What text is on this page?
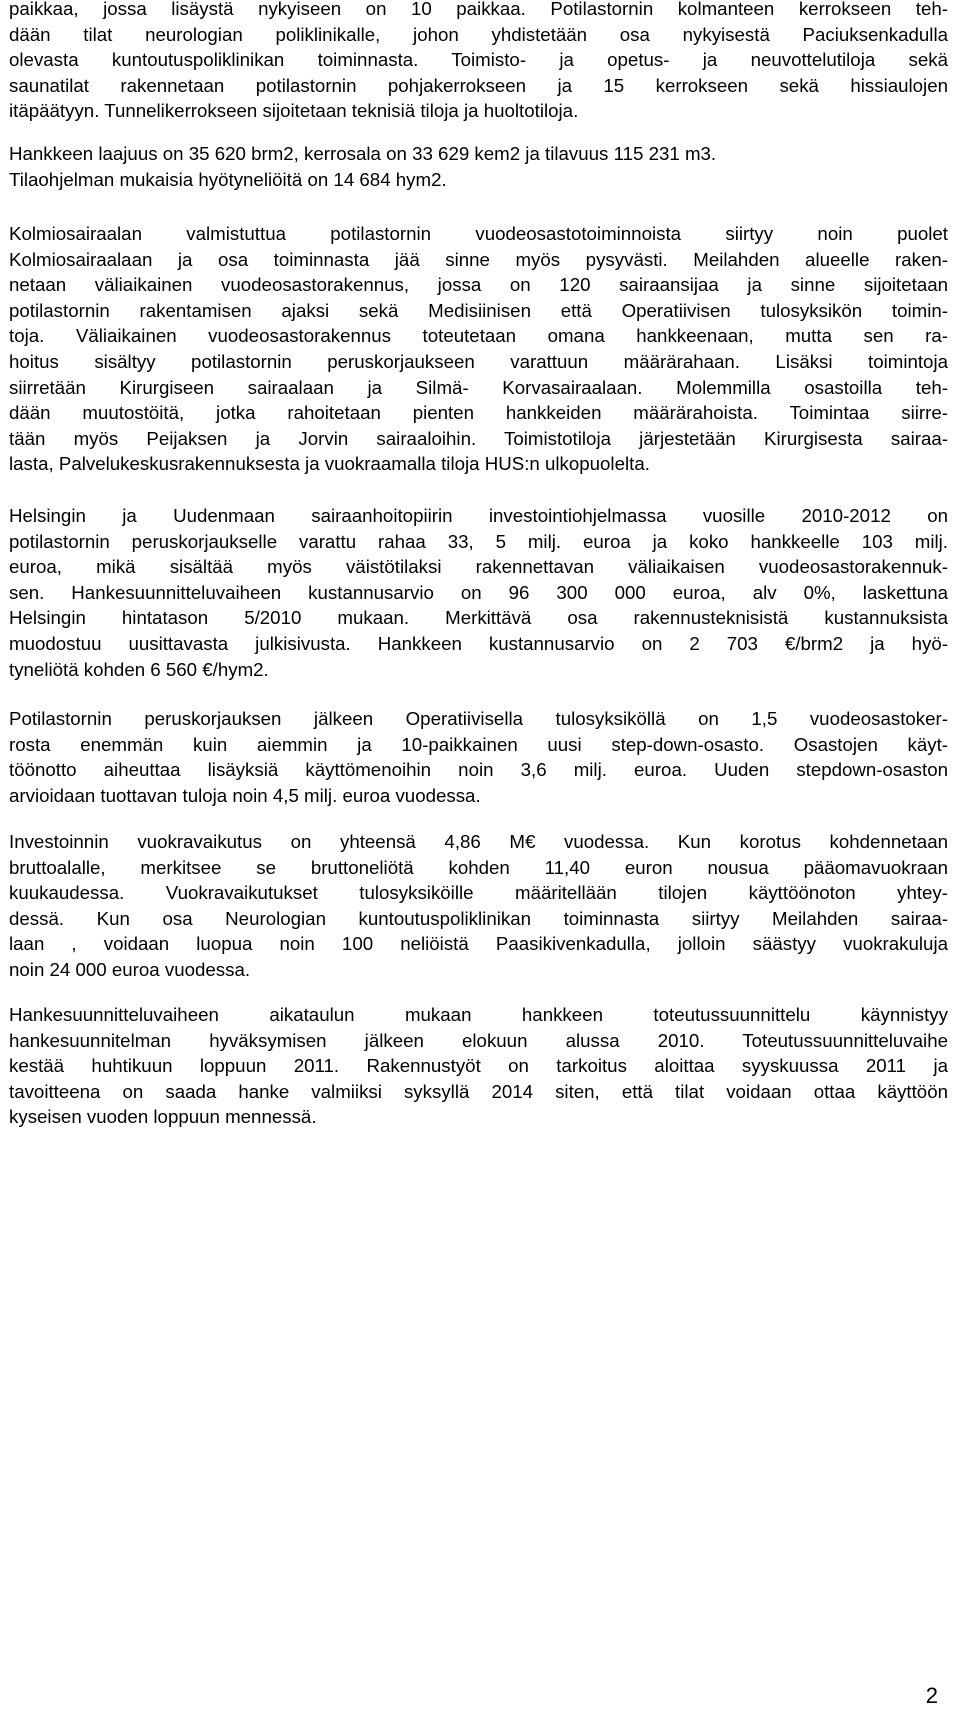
paikkaa, jossa lisäystä nykyiseen on 10 paikkaa. Potilastornin kolmanteen kerrokseen teh-
dään tilat neurologian poliklinikalle, johon yhdistetään osa nykyisestä Paciuksenkadulla
olevasta kuntoutuspoliklinikan toiminnasta. Toimisto- ja opetus- ja neuvottelutiloja sekä
saunatilat rakennetaan potilastornin pohjakerrokseen ja 15 kerrokseen sekä hissiaulojen
itäpäätyyn. Tunnelikerrokseen sijoitetaan teknisiä tiloja ja huoltotiloja.
Hankkeen laajuus on 35 620 brm2, kerrosala on 33 629 kem2 ja tilavuus 115 231 m3.
Tilaohjelman mukaisia hyötyneliöitä on 14 684 hym2.
Kolmiosairaalan valmistuttua potilastornin vuodeosastotoiminnoista siirtyy noin puolet
Kolmiosairaalaan ja osa toiminnasta jää sinne myös pysyvästi. Meilahden alueelle raken-
netaan väliaikainen vuodeosastorakennus, jossa on 120 sairaansijaa ja sinne sijoitetaan
potilastornin rakentamisen ajaksi sekä Medisiinisen että Operatiivisen tulosyksikön toimin-
toja. Väliaikainen vuodeosastorakennus toteutetaan omana hankkeenaan, mutta sen ra-
hoitus sisältyy potilastornin peruskorjaukseen varattuun määrärahaan. Lisäksi toimintoja
siirretään Kirurgiseen sairaalaan ja Silmä- Korvasairaalaan. Molemmilla osastoilla teh-
dään muutostöitä, jotka rahoitetaan pienten hankkeiden määrärahoista. Toimintaa siirre-
tään myös Peijaksen ja Jorvin sairaaloihin. Toimistotiloja järjestetään Kirurgisesta sairaa-
lasta, Palvelukeskusrakennuksesta ja vuokraamalla tiloja HUS:n ulkopuolelta.
Helsingin ja Uudenmaan sairaanhoitopiirin investointiohjelmassa vuosille 2010-2012 on
potilastornin peruskorjaukselle varattu rahaa 33, 5 milj. euroa ja koko hankkeelle 103 milj.
euroa, mikä sisältää myös väistötilaksi rakennettavan väliaikaisen vuodeosastorakennuk-
sen. Hankesuunnitteluvaiheen kustannusarvio on 96 300 000 euroa, alv 0%, laskettuna
Helsingin hintatason 5/2010 mukaan. Merkittävä osa rakennusteknisistä kustannuksista
muodostuu uusittavasta julkisivusta. Hankkeen kustannusarvio on 2 703 €/brm2 ja hyö-
tyneliötä kohden 6 560 €/hym2.
Potilastornin peruskorjauksen jälkeen Operatiivisella tulosyksiköllä on 1,5 vuodeosastoker-
rosta enemmän kuin aiemmin ja 10-paikkainen uusi step-down-osasto. Osastojen käyt-
töönotto aiheuttaa lisäyksiä käyttömenoihin noin 3,6 milj. euroa. Uuden stepdown-osaston
arvioidaan tuottavan tuloja noin 4,5 milj. euroa vuodessa.
Investoinnin vuokravaikutus on yhteensä 4,86 M€ vuodessa. Kun korotus kohdennetaan
bruttoalalle, merkitsee se bruttoneliötä kohden 11,40 euron nousua pääomavuokraan
kuukaudessa. Vuokravaikutukset tulosyksiköille määritellään tilojen käyttöönoton yhtey-
dessä. Kun osa Neurologian kuntoutuspoliklinikan toiminnasta siirtyy Meilahden sairaa-
laan , voidaan luopua noin 100 neliöistä Paasikivenkadulla, jolloin säästyy vuokrakuluja
noin 24 000 euroa vuodessa.
Hankesuunnitteluvaiheen aikataulun mukaan hankkeen toteutussuunnittelu käynnistyy
hankesuunnitelman hyväksymisen jälkeen elokuun alussa 2010. Toteutussuunnitteluvaihe
kestää huhtikuun loppuun 2011. Rakennustyöt on tarkoitus aloittaa syyskuussa 2011 ja
tavoitteena on saada hanke valmiiksi syksyllä 2014 siten, että tilat voidaan ottaa käyttöön
kyseisen vuoden loppuun mennessä.
2
